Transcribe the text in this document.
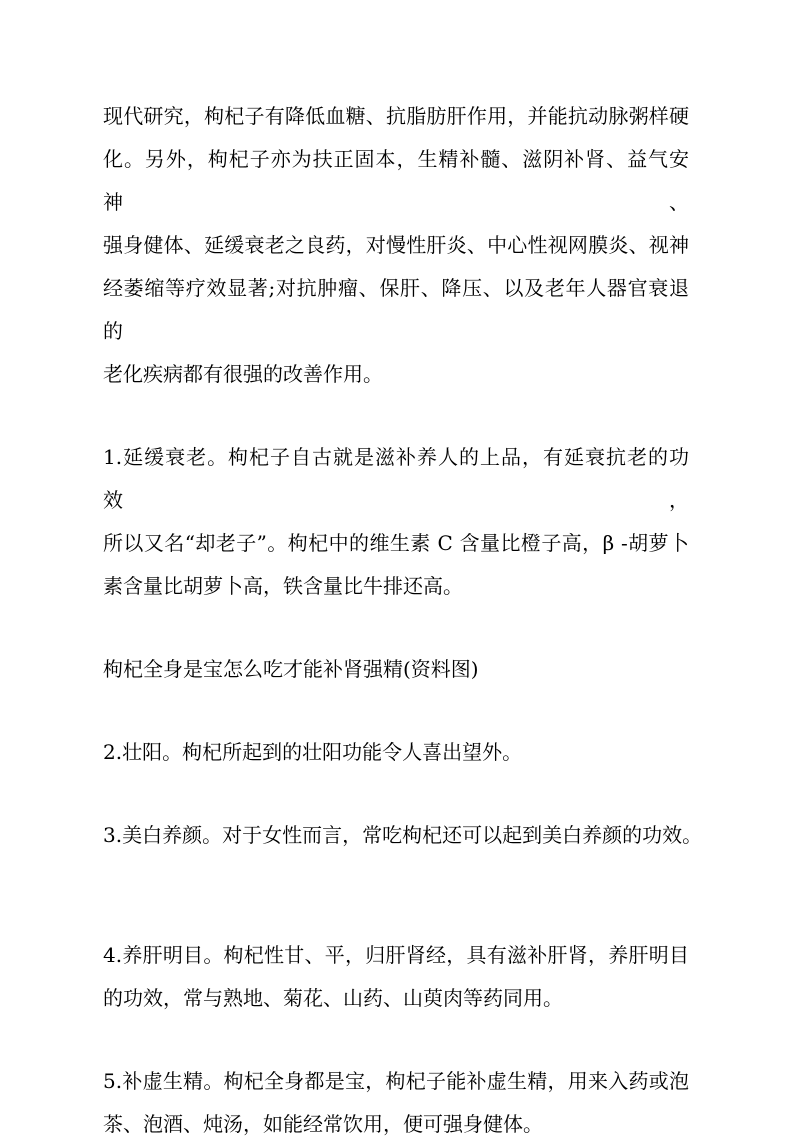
现代研究，枸杞子有降低血糖、抗脂肪肝作用，并能抗动脉粥样硬
化。另外，枸杞子亦为扶正固本，生精补髓、滋阴补肾、益气安神、
强身健体、延缓衰老之良药，对慢性肝炎、中心性视网膜炎、视神
经萎缩等疗效显著;对抗肿瘤、保肝、降压、以及老年人器官衰退的
老化疾病都有很强的改善作用。
1.延缓衰老。枸杞子自古就是滋补养人的上品，有延衰抗老的功效，
所以又名“却老子”。枸杞中的维生素 C 含量比橙子高，β -胡萝卜
素含量比胡萝卜高，铁含量比牛排还高。
枸杞全身是宝怎么吃才能补肾强精(资料图)
2.壮阳。枸杞所起到的壮阳功能令人喜出望外。
3.美白养颜。对于女性而言，常吃枸杞还可以起到美白养颜的功效。
4.养肝明目。枸杞性甘、平，归肝肾经，具有滋补肝肾，养肝明目
的功效，常与熟地、菊花、山药、山萸肉等药同用。
5.补虚生精。枸杞全身都是宝，枸杞子能补虚生精，用来入药或泡
茶、泡酒、炖汤，如能经常饮用，便可强身健体。
